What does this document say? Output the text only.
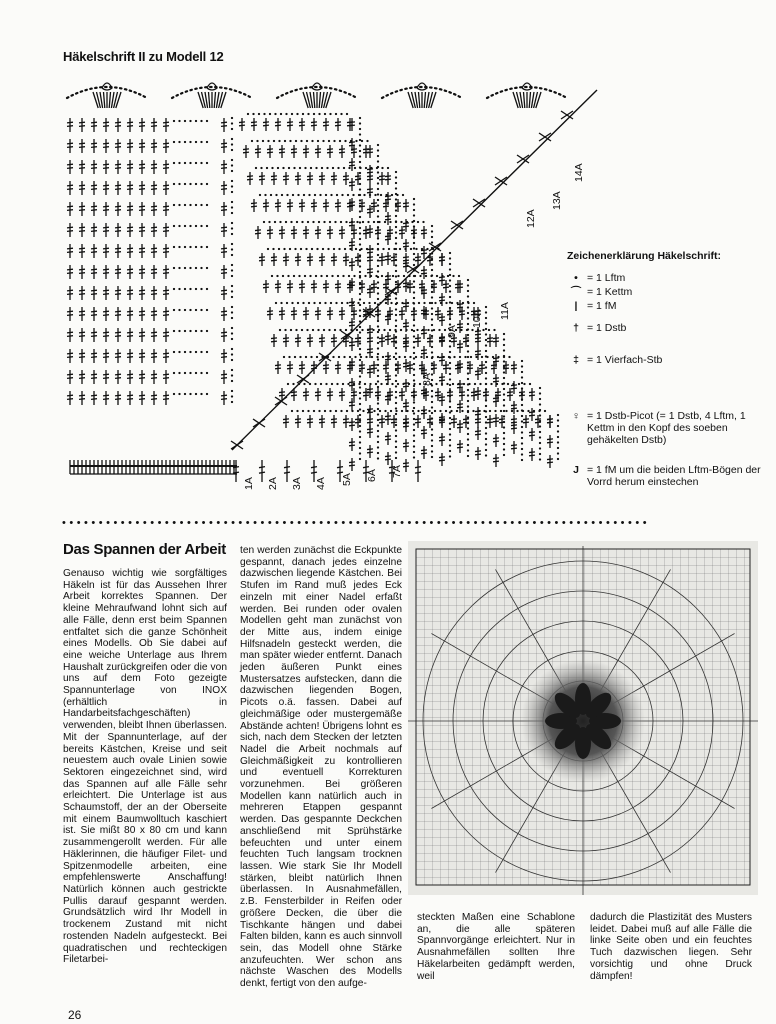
Häkelschrift II zu Modell 12
1A 2A 3A 4A 5A 6A 7A
8A
9A
10A 11A
12A
13A
14A
Zeichenerklärung Häkelschrift:
• = 1 Lftm
⌒ = 1 Kettm
| = 1 fM
† = 1 Dstb
‡ = 1 Vierfach-Stb
♀ = 1 Dstb-Picot (= 1 Dstb, 4 Lftm, 1 Kettm in den Kopf des soeben gehäkelten Dstb)
J = 1 fM um die beiden Lftm-Bögen der Vorrd herum einstechen
••••••••••••••••••••••••••••••••••••••••••••••••••••••••••••••••••••••••••••••••
Das Spannen der Arbeit

Genauso wichtig wie sorgfältiges Häkeln ist für das Aussehen Ihrer Arbeit korrektes Spannen. Der kleine Mehraufwand lohnt sich auf alle Fälle, denn erst beim Spannen entfaltet sich die ganze Schönheit eines Modells. Ob Sie dabei auf eine weiche Unterlage aus Ihrem Haushalt zurückgreifen oder die von uns auf dem Foto gezeigte Spannunterlage von INOX (erhältlich in Handarbeitsfachgeschäften) verwenden, bleibt Ihnen überlassen. Mit der Spannunterlage, auf der bereits Kästchen, Kreise und seit neuestem auch ovale Linien sowie Sektoren eingezeichnet sind, wird das Spannen auf alle Fälle sehr erleichtert. Die Unterlage ist aus Schaumstoff, der an der Oberseite mit einem Baumwolltuch kaschiert ist. Sie mißt 80 x 80 cm und kann zusammengerollt werden. Für alle Häklerinnen, die häufiger Filet- und Spitzenmodelle arbeiten, eine empfehlenswerte Anschaffung! Natürlich können auch gestrickte Pullis darauf gespannt werden. Grundsätzlich wird Ihr Modell in trockenem Zustand mit nicht rostenden Nadeln aufgesteckt. Bei quadratischen und rechteckigen Filetarbei-

ten werden zunächst die Eckpunkte gespannt, danach jedes einzelne dazwischen liegende Kästchen. Bei Stufen im Rand muß jedes Eck einzeln mit einer Nadel erfaßt werden. Bei runden oder ovalen Modellen geht man zunächst von der Mitte aus, indem einige Hilfsnadeln gesteckt werden, die man später wieder entfernt. Danach jeden äußeren Punkt eines Mustersatzes aufstecken, dann die dazwischen liegenden Bogen, Picots o.ä. fassen. Dabei auf gleichmäßige oder mustergemäße Abstände achten! Übrigens lohnt es sich, nach dem Stecken der letzten Nadel die Arbeit nochmals auf Gleichmäßigkeit zu kontrollieren und eventuell Korrekturen vorzunehmen. Bei größeren Modellen kann natürlich auch in mehreren Etappen gespannt werden. Das gespannte Deckchen anschließend mit Sprühstärke befeuchten und unter einem feuchten Tuch langsam trocknen lassen. Wie stark Sie Ihr Modell stärken, bleibt natürlich Ihnen überlassen. In Ausnahmefällen, z.B. Fensterbilder in Reifen oder größere Decken, die über die Tischkante hängen und dabei Falten bilden, kann es auch sinnvoll sein, das Modell ohne Stärke anzufeuchten. Wer schon ans nächste Waschen des Modells denkt, fertigt von den aufge-

steckten Maßen eine Schablone an, die alle späteren Spannvorgänge erleichtert. Nur in Ausnahmefällen sollten Ihre Häkelarbeiten gedämpft werden, weil

dadurch die Plastizität des Musters leidet. Dabei muß auf alle Fälle die linke Seite oben und ein feuchtes Tuch dazwischen liegen. Sehr vorsichtig und ohne Druck dämpfen!

26
